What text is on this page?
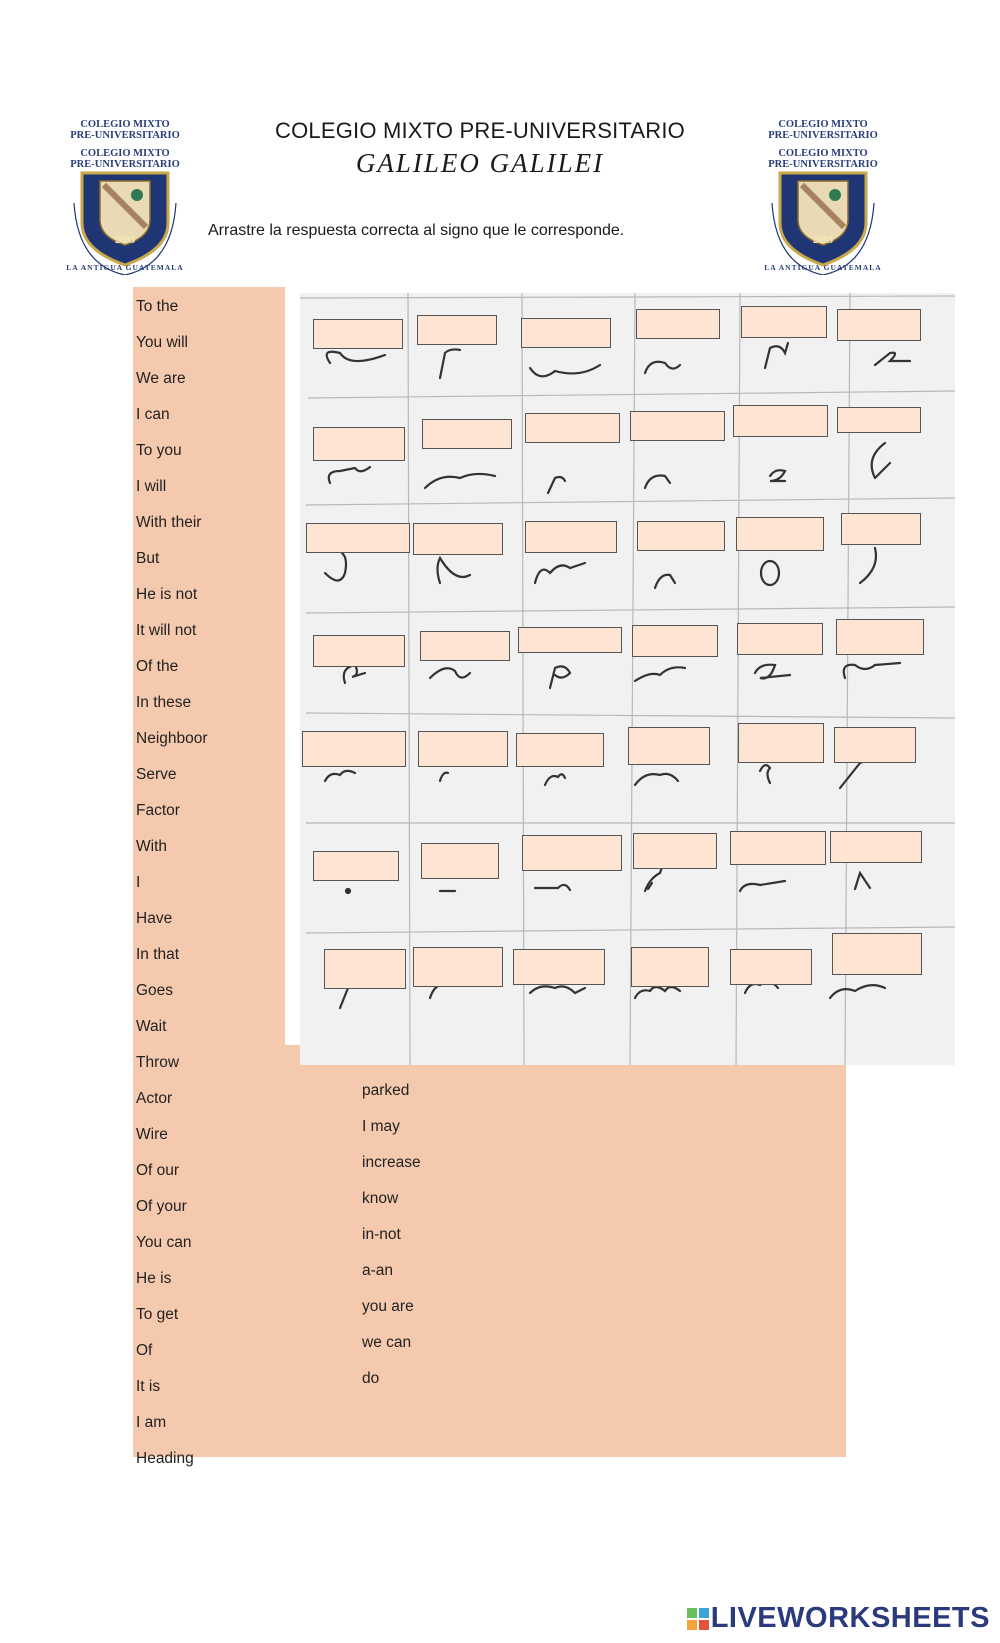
COLEGIO MIXTO PRE-UNIVERSITARIO
GALILEO GALILEI
Arrastre la respuesta correcta al signo que le corresponde.
COLEGIO MIXTO
PRE-UNIVERSITARIO
COLEGIO MIXTO
PRE-UNIVERSITARIO
2003
LA ANTIGUA GUATEMALA
COLEGIO MIXTO
PRE-UNIVERSITARIO
COLEGIO MIXTO
PRE-UNIVERSITARIO
2003
LA ANTIGUA GUATEMALA
To the
You will
We are
I can
To you
I will
With their
But
He is not
It will not
Of the
In these
Neighboor
Serve
Factor
With
I
Have
In that
Goes
Wait
Throw
Actor
Wire
Of our
Of your
You can
He is
To get
Of
It is
I am
Heading
parked
I may
increase
know
in-not
a-an
you are
we can
do
LIVEWORKSHEETS
